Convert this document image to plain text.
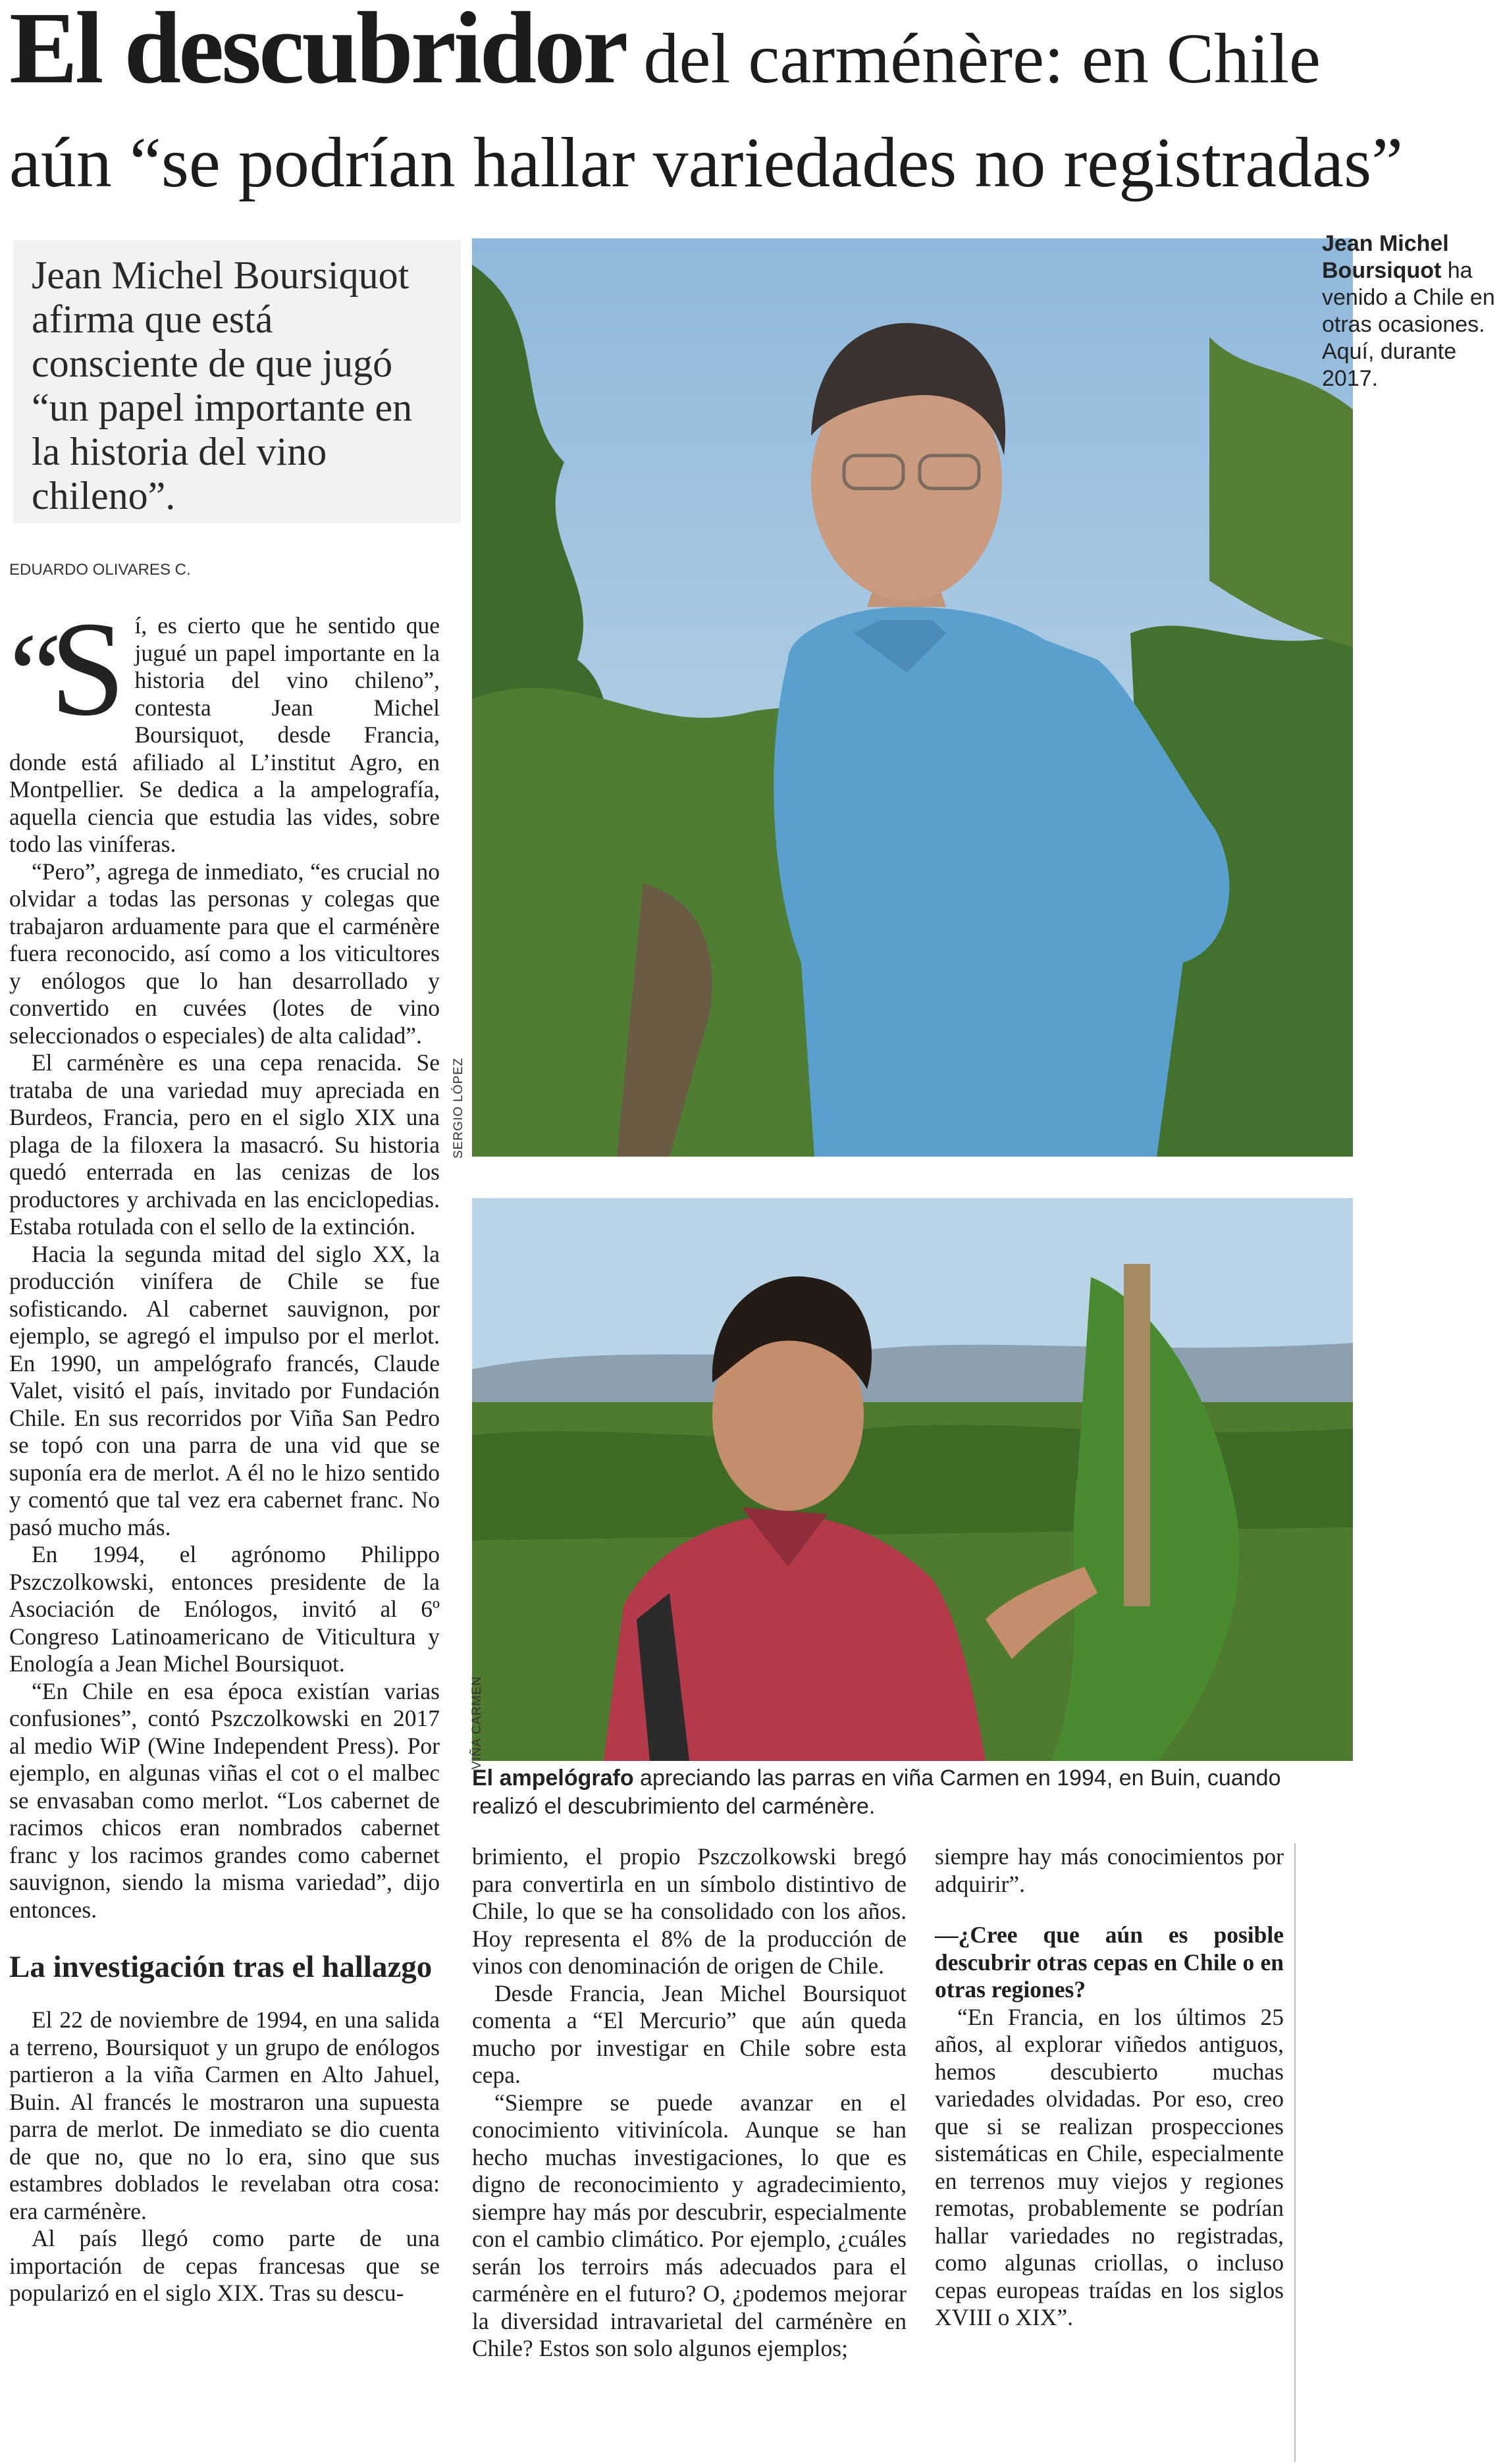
El descubridor del carménère: en Chile
aún “se podrían hallar variedades no registradas”

Jean Michel Boursiquot afirma que está consciente de que jugó “un papel importante en la historia del vino chileno”.

EDUARDO OLIVARES C.
SERGIO LÓPEZ
Jean Michel Boursiquot ha venido a Chile en otras ocasiones. Aquí, durante 2017.
VIÑA CARMEN
El ampelógrafo apreciando las parras en viña Carmen en 1994, en Buin, cuando realizó el descubrimiento del carménère.
“S í, es cierto que he sentido que jugué un papel importante en la historia del vino chileno”, contesta Jean Michel Boursiquot, desde Francia, donde está afiliado al L’institut Agro, en Montpellier. Se dedica a la ampelografía, aquella ciencia que estudia las vides, sobre todo las viníferas.

“Pero”, agrega de inmediato, “es crucial no olvidar a todas las personas y colegas que trabajaron arduamente para que el carménère fuera reconocido, así como a los viticultores y enólogos que lo han desarrollado y convertido en cuvées (lotes de vino seleccionados o especiales) de alta calidad”.

El carménère es una cepa renacida. Se trataba de una variedad muy apreciada en Burdeos, Francia, pero en el siglo XIX una plaga de la filoxera la masacró. Su historia quedó enterrada en las cenizas de los productores y archivada en las enciclopedias. Estaba rotulada con el sello de la extinción.

Hacia la segunda mitad del siglo XX, la producción vinífera de Chile se fue sofisticando. Al cabernet sauvignon, por ejemplo, se agregó el impulso por el merlot. En 1990, un ampelógrafo francés, Claude Valet, visitó el país, invitado por Fundación Chile. En sus recorridos por Viña San Pedro se topó con una parra de una vid que se suponía era de merlot. A él no le hizo sentido y comentó que tal vez era cabernet franc. No pasó mucho más.

En 1994, el agrónomo Philippo Pszczolkowski, entonces presidente de la Asociación de Enólogos, invitó al 6º Congreso Latinoamericano de Viticultura y Enología a Jean Michel Boursiquot.

“En Chile en esa época existían varias confusiones”, contó Pszczolkowski en 2017 al medio WiP (Wine Independent Press). Por ejemplo, en algunas viñas el cot o el malbec se envasaban como merlot. “Los cabernet de racimos chicos eran nombrados cabernet franc y los racimos grandes como cabernet sauvignon, siendo la misma variedad”, dijo entonces.

La investigación tras el hallazgo

El 22 de noviembre de 1994, en una salida a terreno, Boursiquot y un grupo de enólogos partieron a la viña Carmen en Alto Jahuel, Buin. Al francés le mostraron una supuesta parra de merlot. De inmediato se dio cuenta de que no, que no lo era, sino que sus estambres doblados le revelaban otra cosa: era carménère.

Al país llegó como parte de una importación de cepas francesas que se popularizó en el siglo XIX. Tras su descu-

brimiento, el propio Pszczolkowski bregó para convertirla en un símbolo distintivo de Chile, lo que se ha consolidado con los años. Hoy representa el 8% de la producción de vinos con denominación de origen de Chile.

Desde Francia, Jean Michel Boursiquot comenta a “El Mercurio” que aún queda mucho por investigar en Chile sobre esta cepa.

“Siempre se puede avanzar en el conocimiento vitivinícola. Aunque se han hecho muchas investigaciones, lo que es digno de reconocimiento y agradecimiento, siempre hay más por descubrir, especialmente con el cambio climático. Por ejemplo, ¿cuáles serán los terroirs más adecuados para el carménère en el futuro? O, ¿podemos mejorar la diversidad intravarietal del carménère en Chile? Estos son solo algunos ejemplos;

siempre hay más conocimientos por adquirir”.

—¿Cree que aún es posible descubrir otras cepas en Chile o en otras regiones?

“En Francia, en los últimos 25 años, al explorar viñedos antiguos, hemos descubierto muchas variedades olvidadas. Por eso, creo que si se realizan prospecciones sistemáticas en Chile, especialmente en terrenos muy viejos y regiones remotas, probablemente se podrían hallar variedades no registradas, como algunas criollas, o incluso cepas europeas traídas en los siglos XVIII o XIX”.
